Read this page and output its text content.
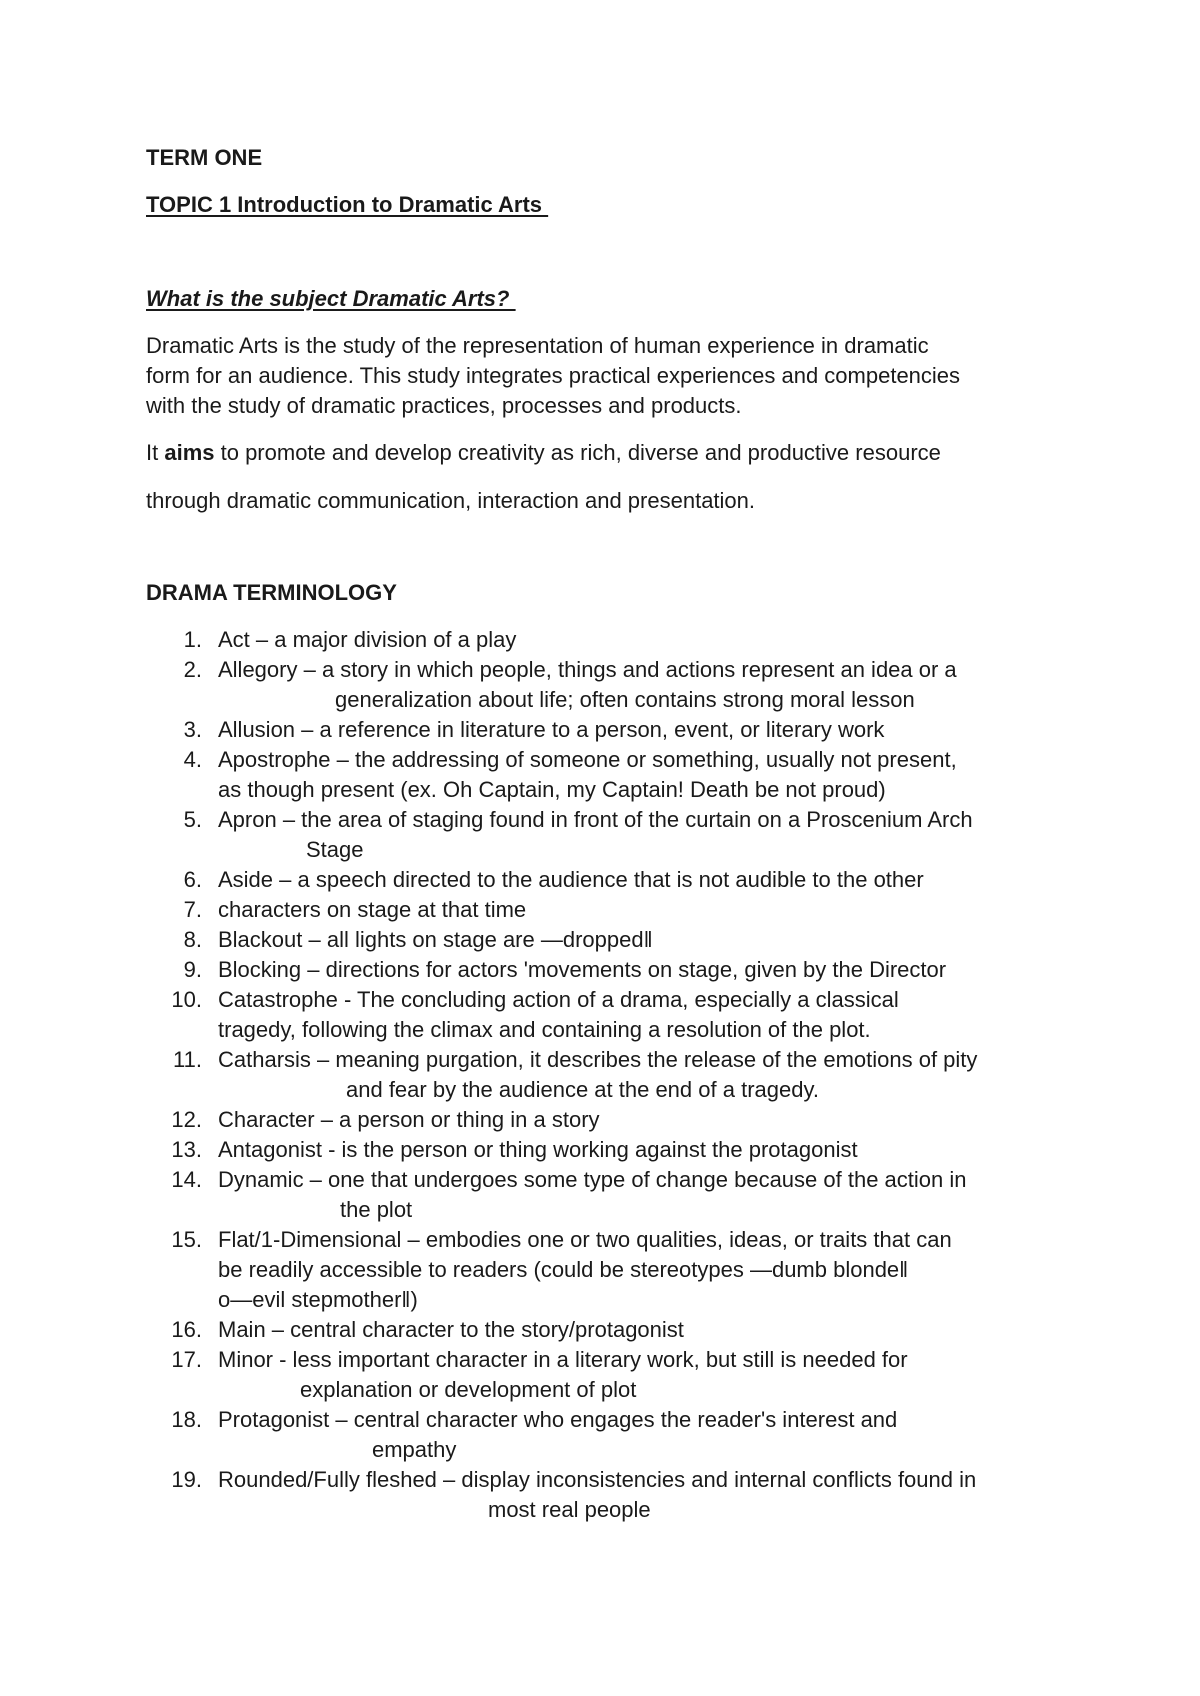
TERM ONE
TOPIC 1 Introduction to Dramatic Arts
What is the subject Dramatic Arts?
Dramatic Arts is the study of the representation of human experience in dramatic
form for an audience. This study integrates practical experiences and competencies
with the study of dramatic practices, processes and products.
It aims to promote and develop creativity as rich, diverse and productive resource
through dramatic communication, interaction and presentation.
DRAMA TERMINOLOGY
1. Act – a major division of a play
2. Allegory – a story in which people, things and actions represent an idea or a
generalization about life; often contains strong moral lesson
3. Allusion – a reference in literature to a person, event, or literary work
4. Apostrophe – the addressing of someone or something, usually not present,
as though present (ex. Oh Captain, my Captain! Death be not proud)
5. Apron – the area of staging found in front of the curtain on a Proscenium Arch
Stage
6. Aside – a speech directed to the audience that is not audible to the other
7. characters on stage at that time
8. Blackout – all lights on stage are ―dropped‖
9. Blocking – directions for actors 'movements on stage, given by the Director
10. Catastrophe - The concluding action of a drama, especially a classical
tragedy, following the climax and containing a resolution of the plot.
11. Catharsis – meaning purgation, it describes the release of the emotions of pity
and fear by the audience at the end of a tragedy.
12. Character – a person or thing in a story
13. Antagonist - is the person or thing working against the protagonist
14. Dynamic – one that undergoes some type of change because of the action in
the plot
15. Flat/1-Dimensional – embodies one or two qualities, ideas, or traits that can
be readily accessible to readers (could be stereotypes ―dumb blonde‖
o―evil stepmother‖)
16. Main – central character to the story/protagonist
17. Minor - less important character in a literary work, but still is needed for
explanation or development of plot
18. Protagonist – central character who engages the reader's interest and
empathy
19. Rounded/Fully fleshed – display inconsistencies and internal conflicts found in
most real people
